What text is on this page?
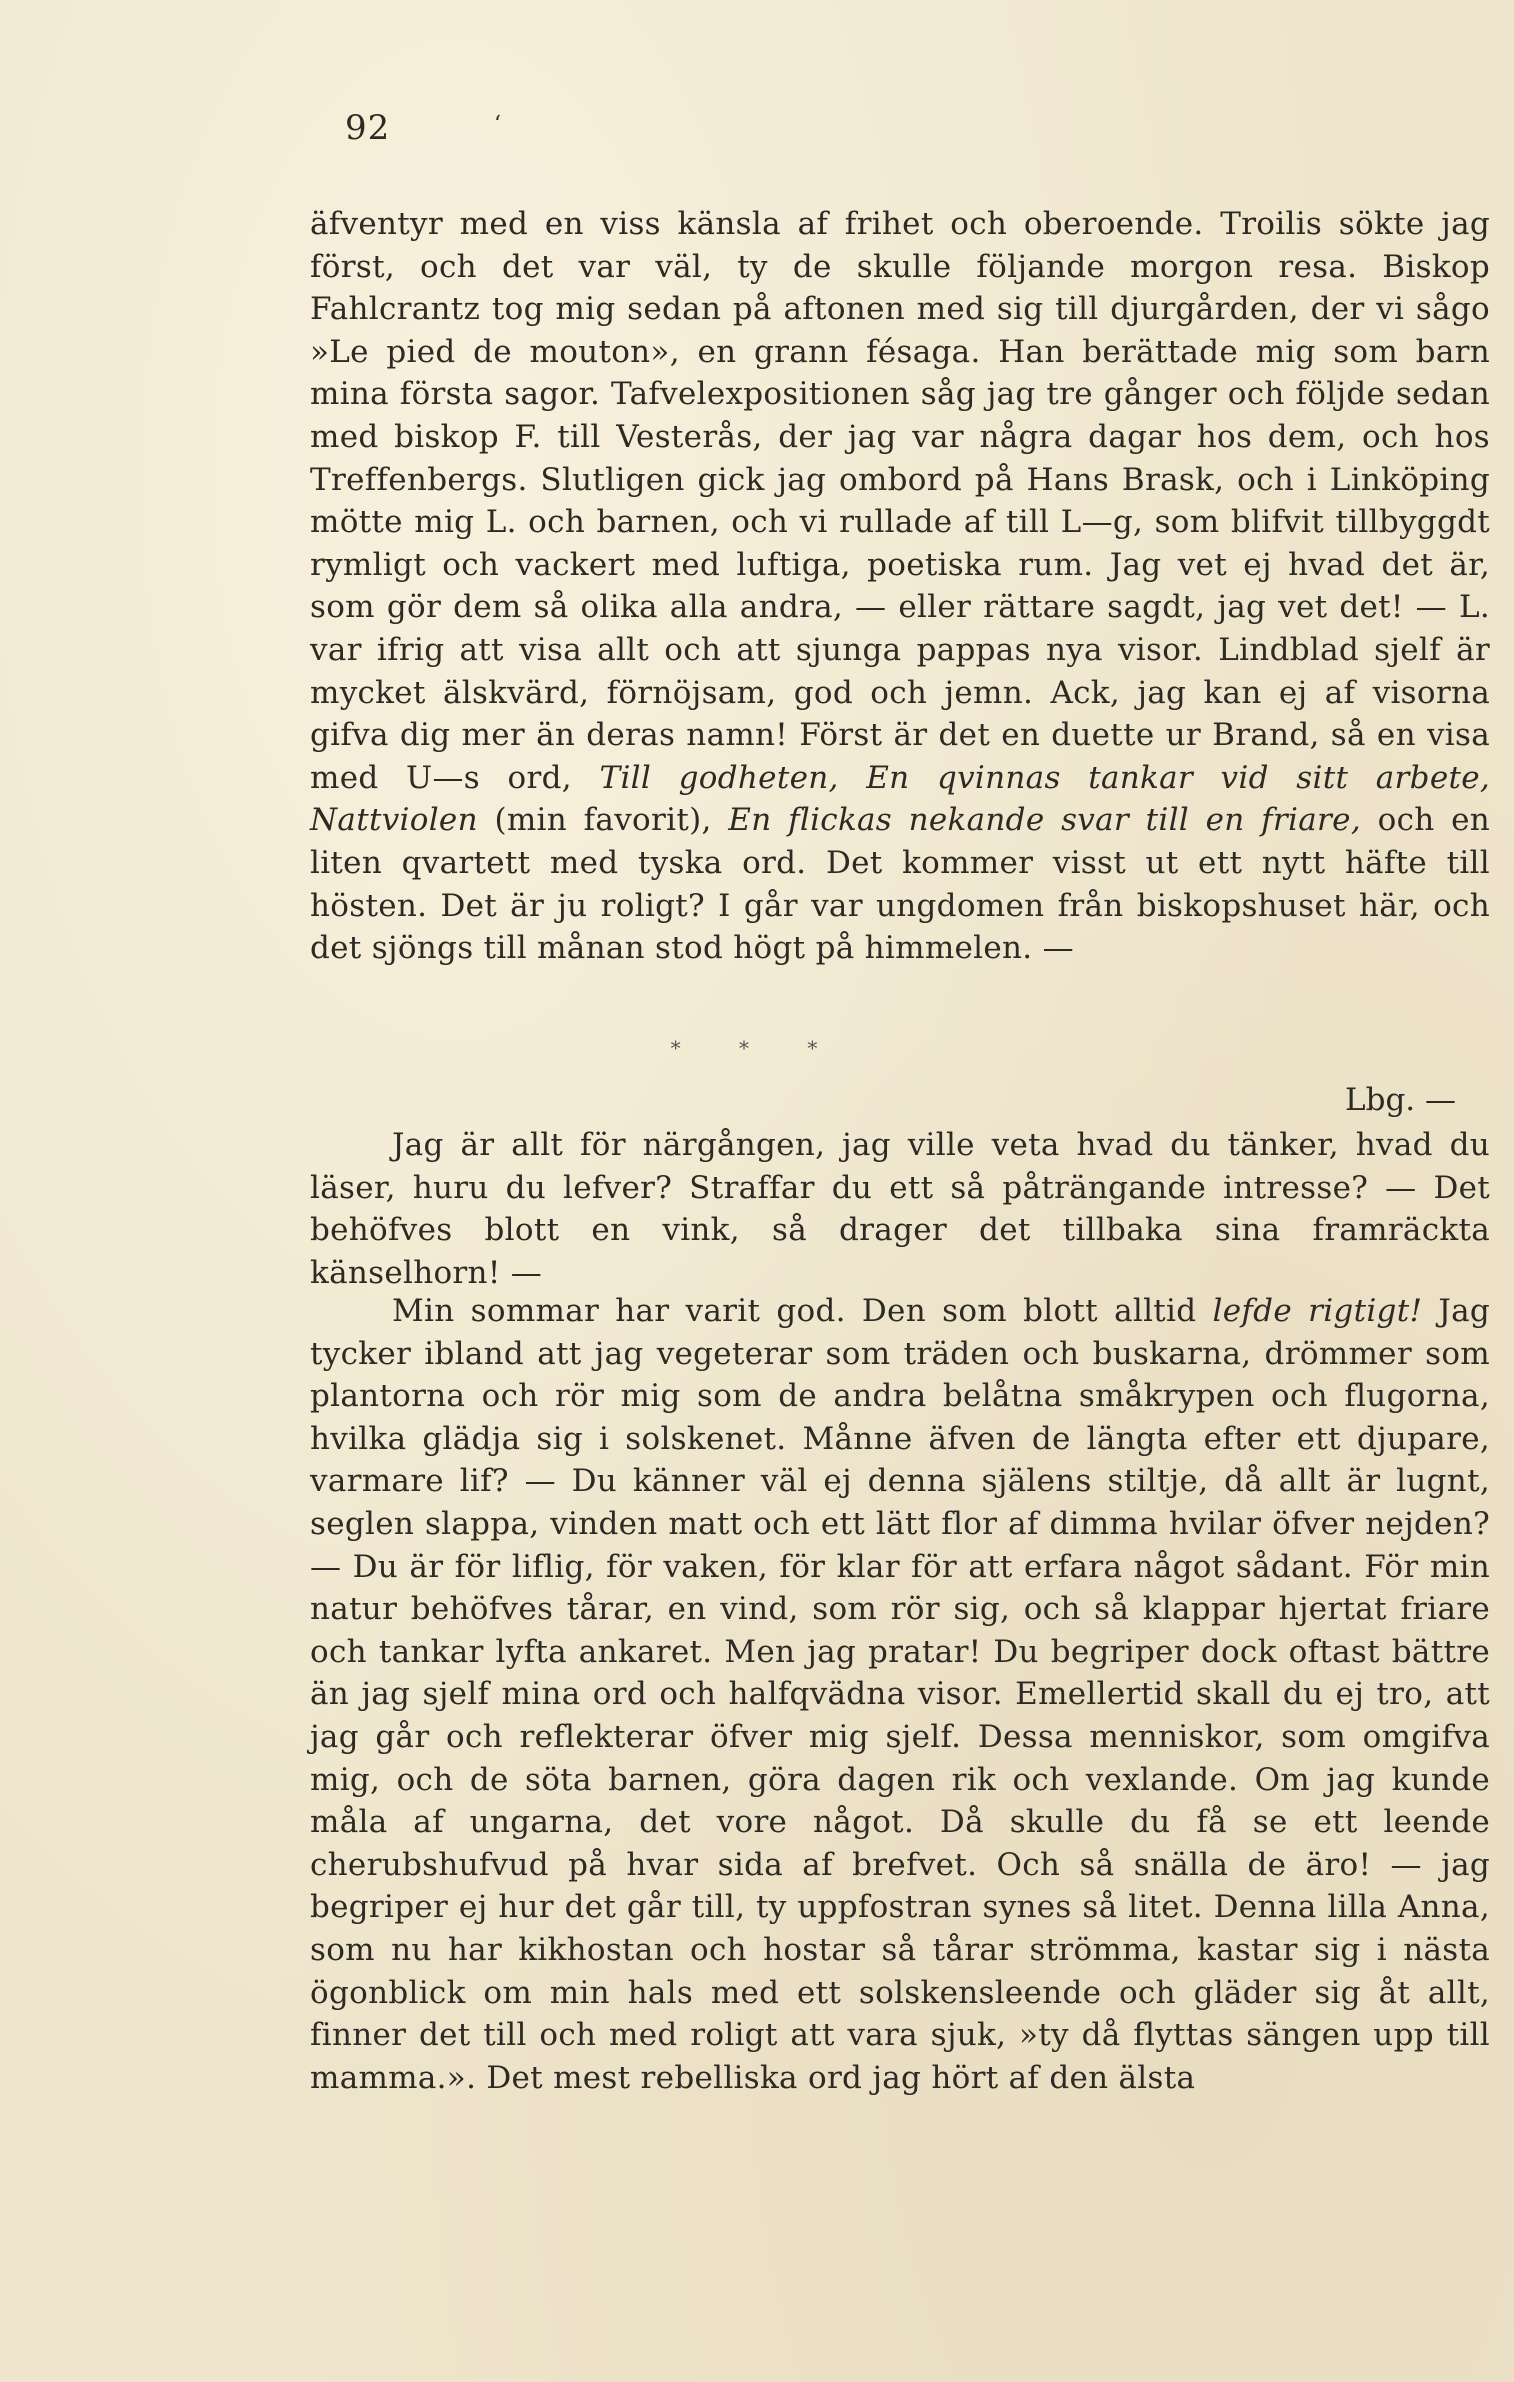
92	ʻ
äfventyr med en viss känsla af frihet och oberoende. Troilis sökte jag först, och det var väl, ty de skulle följande morgon resa. Biskop Fahlcrantz tog mig sedan på aftonen med sig till djurgården, der vi sågo »Le pied de mouton», en grann fésaga. Han berättade mig som barn mina första sagor. Tafvelexpositionen såg jag tre gånger och följde sedan med biskop F. till Vesterås, der jag var några dagar hos dem, och hos Treffenbergs. Slutligen gick jag ombord på Hans Brask, och i Linköping mötte mig L. och barnen, och vi rullade af till L—g, som blifvit tillbyggdt rymligt och vackert med luftiga, poetiska rum. Jag vet ej hvad det är, som gör dem så olika alla andra, — eller rättare sagdt, jag vet det! — L. var ifrig att visa allt och att sjunga pappas nya visor. Lindblad sjelf är mycket älskvärd, förnöjsam, god och jemn. Ack, jag kan ej af visorna gifva dig mer än deras namn! Först är det en duette ur Brand, så en visa med U—s ord, Till godheten, En qvinnas tankar vid sitt arbete, Nattviolen (min favorit), En flickas nekande svar till en friare, och en liten qvartett med tyska ord. Det kommer visst ut ett nytt häfte till hösten. Det är ju roligt? I går var ungdomen från biskopshuset här, och det sjöngs till månan stod högt på himmelen. —
* * *
Lbg. —
Jag är allt för närgången, jag ville veta hvad du tänker, hvad du läser, huru du lefver? Straffar du ett så påträngande intresse? — Det behöfves blott en vink, så drager det tillbaka sina framräckta känselhorn! —
Min sommar har varit god. Den som blott alltid lefde rigtigt! Jag tycker ibland att jag vegeterar som träden och buskarna, drömmer som plantorna och rör mig som de andra belåtna småkrypen och flugorna, hvilka glädja sig i solskenet. Månne äfven de längta efter ett djupare, varmare lif? — Du känner väl ej denna själens stiltje, då allt är lugnt, seglen slappa, vinden matt och ett lätt flor af dimma hvilar öfver nejden? — Du är för liflig, för vaken, för klar för att erfara något sådant. För min natur behöfves tårar, en vind, som rör sig, och så klappar hjertat friare och tankar lyfta ankaret. Men jag pratar! Du begriper dock oftast bättre än jag sjelf mina ord och halfqvädna visor. Emellertid skall du ej tro, att jag går och reflekterar öfver mig sjelf. Dessa menniskor, som omgifva mig, och de söta barnen, göra dagen rik och vexlande. Om jag kunde måla af ungarna, det vore något. Då skulle du få se ett leende cherubshufvud på hvar sida af brefvet. Och så snälla de äro! — jag begriper ej hur det går till, ty uppfostran synes så litet. Denna lilla Anna, som nu har kikhostan och hostar så tårar strömma, kastar sig i nästa ögonblick om min hals med ett solskensleende och gläder sig åt allt, finner det till och med roligt att vara sjuk, »ty då flyttas sängen upp till mamma.». Det mest rebelliska ord jag hört af den älsta
